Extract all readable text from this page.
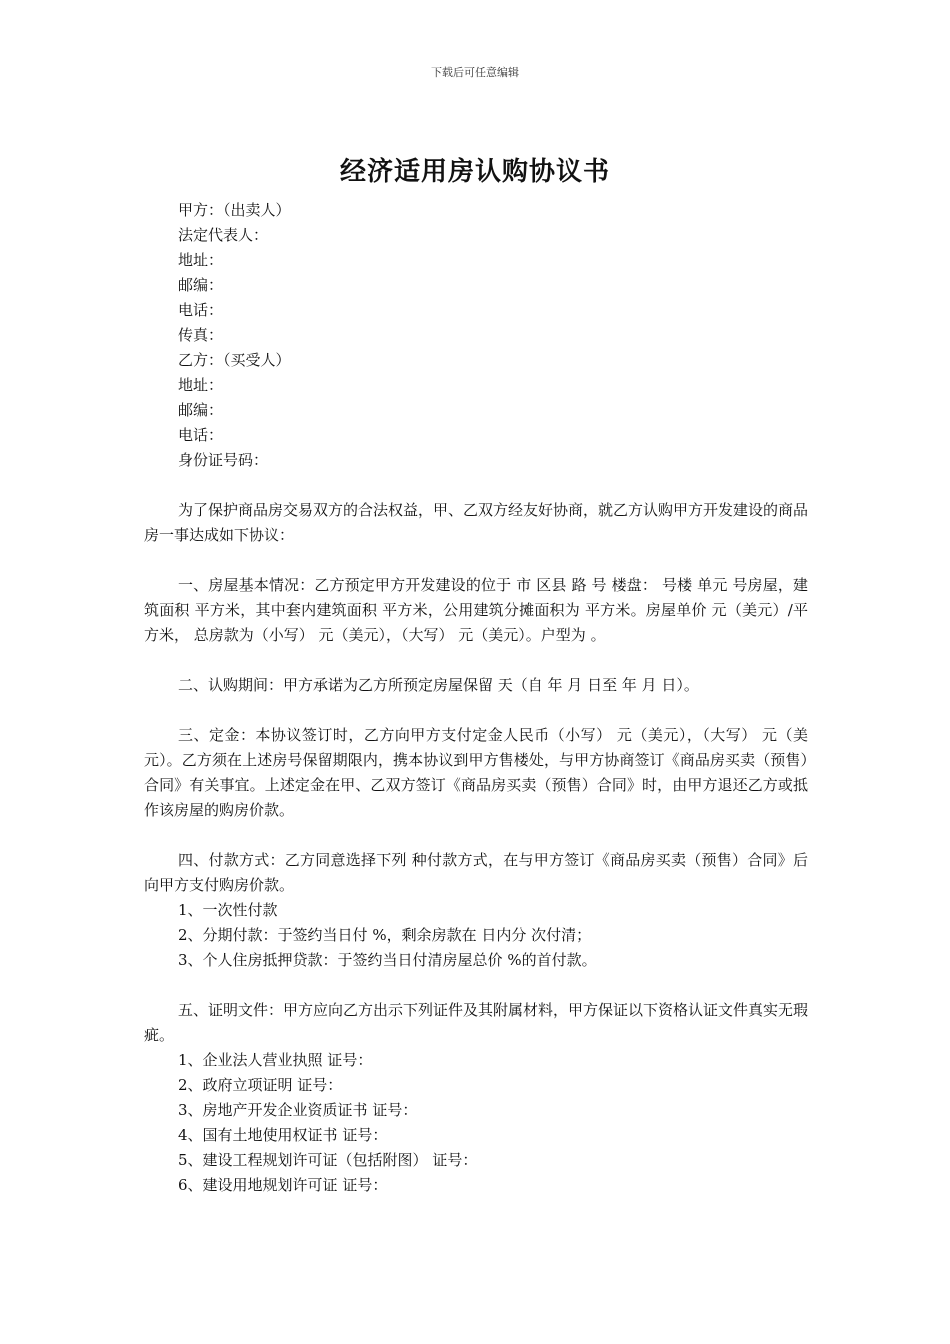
下载后可任意编辑
经济适用房认购协议书

甲方：（出卖人）

法定代表人：

地址：

邮编：

电话：

传真：

乙方：（买受人）

地址：

邮编：

电话：

身份证号码：

为了保护商品房交易双方的合法权益，甲、乙双方经友好协商，就乙方认购甲方开发建设的商品房一事达成如下协议：

一、房屋基本情况：乙方预定甲方开发建设的位于 市 区县 路 号 楼盘： 号楼 单元 号房屋，建筑面积 平方米，其中套内建筑面积 平方米，公用建筑分摊面积为 平方米。房屋单价 元（美元）/平方米， 总房款为（小写） 元（美元），（大写） 元（美元）。户型为 。

二、认购期间：甲方承诺为乙方所预定房屋保留 天（自 年 月 日至 年 月 日）。

三、定金：本协议签订时，乙方向甲方支付定金人民币（小写） 元（美元），（大写） 元（美元）。乙方须在上述房号保留期限内，携本协议到甲方售楼处，与甲方协商签订《商品房买卖（预售）合同》有关事宜。上述定金在甲、乙双方签订《商品房买卖（预售）合同》时，由甲方退还乙方或抵作该房屋的购房价款。

四、付款方式：乙方同意选择下列 种付款方式，在与甲方签订《商品房买卖（预售）合同》后向甲方支付购房价款。

1、一次性付款

2、分期付款：于签约当日付 %，剩余房款在 日内分 次付清；

3、个人住房抵押贷款：于签约当日付清房屋总价 %的首付款。

五、证明文件：甲方应向乙方出示下列证件及其附属材料，甲方保证以下资格认证文件真实无瑕疵。

1、企业法人营业执照 证号：

2、政府立项证明 证号：

3、房地产开发企业资质证书 证号：

4、国有土地使用权证书 证号：

5、建设工程规划许可证（包括附图） 证号：

6、建设用地规划许可证 证号：
